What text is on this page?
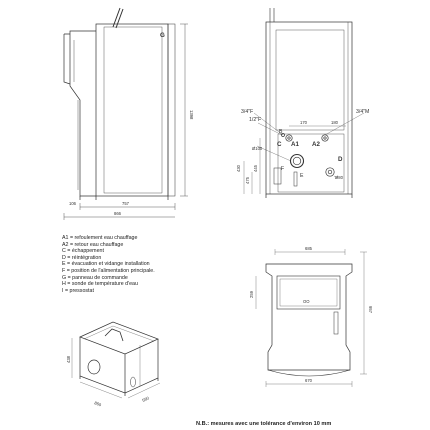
G
1398
757
866
106
170	180
3/4"F	3/4"M
1/2"F
B
C A1 A2
D
F
E
Ø100
Ø80
430
475
445
438
860
590
685
OO
259
957
670
A1 = refoulement eau chauffage
A2 = retour eau chauffage
C = échappement
D = réintégration
E = évacuation et vidange installation
F = position de l'alimentation principale.
G = panneau de commande
H = sonde de température d'eau
I = pressostat
N.B.: mesures avec une tolérance d'environ 10 mm
